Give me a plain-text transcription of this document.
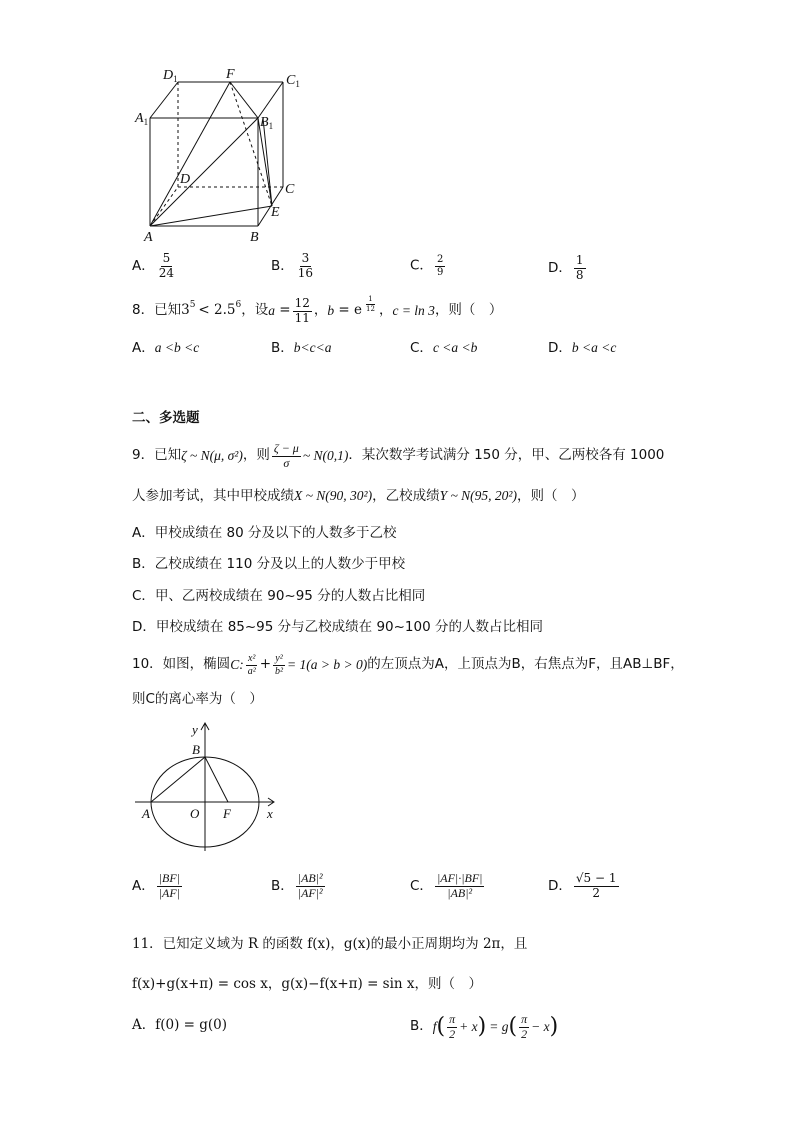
$D_1$	F	$C_1$
$A_1$	$B_1$
D
C
E
A	B
A． $\frac{5}{24}$	B． $\frac{3}{16}$	C． $\frac{2}{9}$	D． $\frac{1}{8}$
8．已知 $3^5 < 2.5^6$ ，设 $a = \frac{12}{11}$ ， b = e $\frac{1}{12}$ ， c = ln 3 ，则（　）
A．a <b <c	B．b<c<a	C．c <a <b	D．b <a <c
二、多选题
9．已知 ζ ~ N(μ, σ²) ，则 $\frac{\zeta - \mu}{\sigma}$ ~ N(0,1) ．某次数学考试满分 150 分，甲、乙两校各有 1000
人参加考试，其中甲校成绩X ~ N(90, 30²)，乙校成绩Y ~ N(95, 20²)，则（　）
A．甲校成绩在 80 分及以下的人数多于乙校
B．乙校成绩在 110 分及以上的人数少于甲校
C．甲、乙两校成绩在 90~95 分的人数占比相同
D．甲校成绩在 85~95 分与乙校成绩在 90~100 分的人数占比相同
10．如图，椭圆 C: $\frac{\text{x²}}{\text{a²}} + \frac{\text{y²}}{\text{b²}} = 1(a > b > 0)$ 的左顶点为A，上顶点为B，右焦点为F，且AB⊥BF，
则C的离心率为（　）
y
B
A	O F	x
A． $\frac{|BF|}{|AF|}$	B． $\frac{\text{|AB|²}}{\text{|AF|²}}$	C． $\frac{|AF|\cdot|BF|}{\text{|AB|²}}$	D． $\frac{√5 - 1}{2}$
11．已知定义域为 R 的函数 f(x)，g(x)的最小正周期均为 2π，且
f(x)+g(x+π) = cos x，g(x)−f(x+π) = sin x，则（　）
A．f(0) = g(0)	B． f ( $\frac{\pi}{2} + x$ ) = g ( $\frac{\pi}{2} - x$ )
